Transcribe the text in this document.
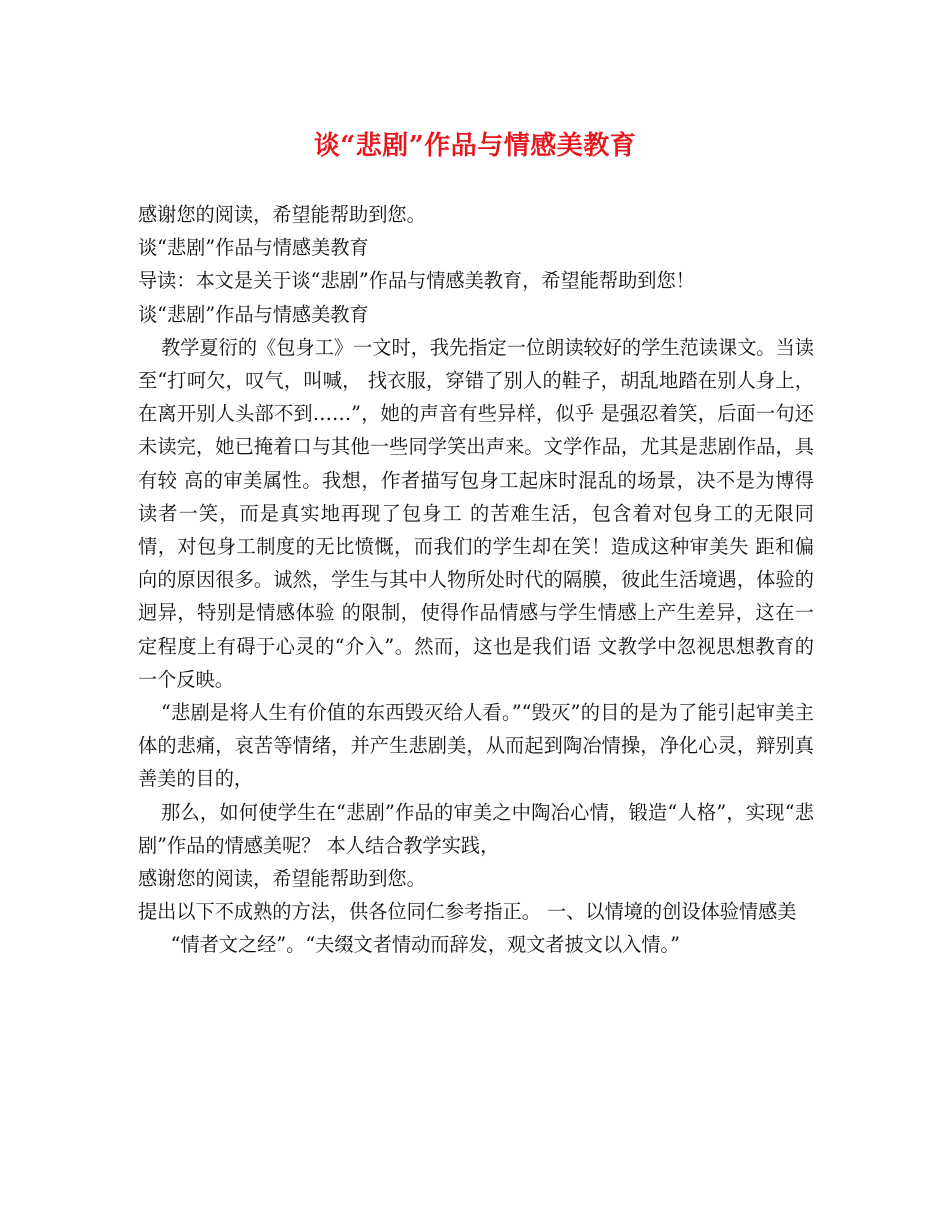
谈“悲剧”作品与情感美教育

感谢您的阅读，希望能帮助到您。

谈“悲剧”作品与情感美教育

导读：本文是关于谈“悲剧”作品与情感美教育，希望能帮助到您！

谈“悲剧”作品与情感美教育

教学夏衍的《包身工》一文时，我先指定一位朗读较好的学生范读课文。当读至“打呵欠，叹气，叫喊， 找衣服，穿错了别人的鞋子，胡乱地踏在别人身上，在离开别人头部不到……”，她的声音有些异样，似乎 是强忍着笑，后面一句还未读完，她已掩着口与其他一些同学笑出声来。文学作品，尤其是悲剧作品，具有较 高的审美属性。我想，作者描写包身工起床时混乱的场景，决不是为博得读者一笑，而是真实地再现了包身工 的苦难生活，包含着对包身工的无限同情，对包身工制度的无比愤慨，而我们的学生却在笑！造成这种审美失 距和偏向的原因很多。诚然，学生与其中人物所处时代的隔膜，彼此生活境遇，体验的迥异，特别是情感体验 的限制，使得作品情感与学生情感上产生差异，这在一定程度上有碍于心灵的“介入”。然而，这也是我们语 文教学中忽视思想教育的一个反映。

“悲剧是将人生有价值的东西毁灭给人看。”“毁灭”的目的是为了能引起审美主体的悲痛，哀苦等情绪，并产生悲剧美，从而起到陶冶情操，净化心灵，辩别真善美的目的，

那么，如何使学生在“悲剧”作品的审美之中陶冶心情，锻造“人格”，实现“悲剧”作品的情感美呢？ 本人结合教学实践，

感谢您的阅读，希望能帮助到您。

提出以下不成熟的方法，供各位同仁参考指正。 一、以情境的创设体验情感美

“情者文之经”。“夫缀文者情动而辞发，观文者披文以入情。”
